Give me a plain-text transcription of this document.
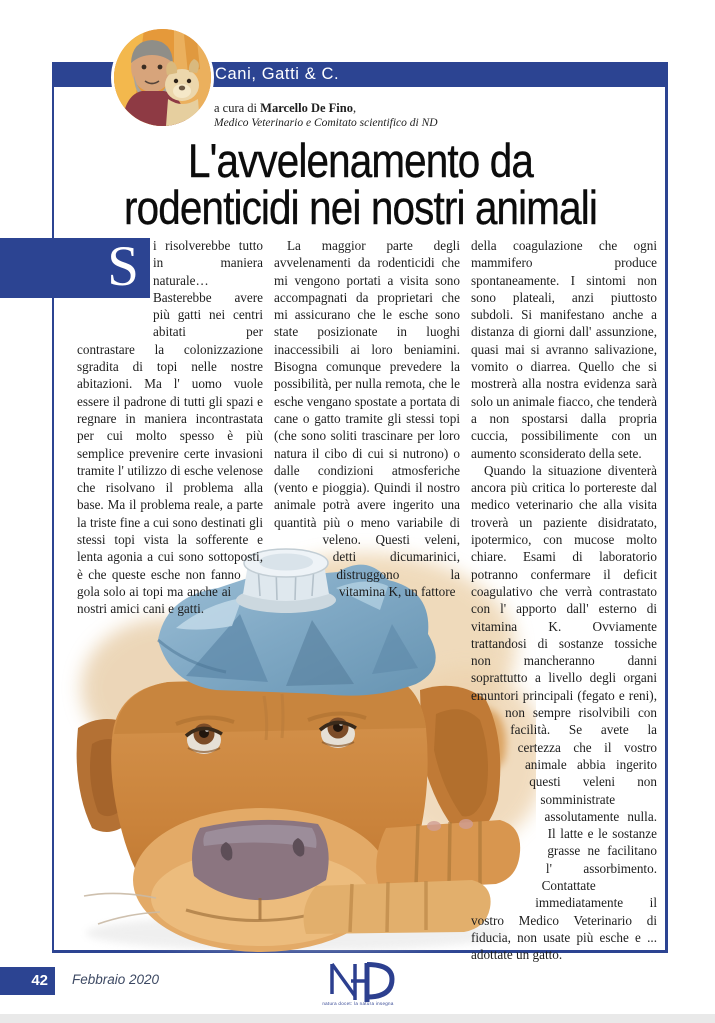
Cani, Gatti & C.
a cura di Marcello De Fino,
Medico Veterinario e Comitato scientifico di ND
L'avvelenamento da
rodenticidi nei nostri animali
S	i risolverebbe tutto in maniera naturale… Basterebbe avere più gatti nei centri abitati per contrastare la colonizzazione sgradita di topi nelle nostre abitazioni. Ma l' uomo vuole essere il padrone di tutti gli spazi e regnare in maniera incontrastata per cui molto spesso è più semplice prevenire certe invasioni tramite l' utilizzo di esche velenose che risolvano il problema alla base. Ma il problema reale, a parte la triste fine a cui sono destinati gli stessi topi vista la sofferente e lenta agonia a cui
sono sottoposti, è che queste esche non fanno gola solo ai topi ma anche ai nostri amici cani e gatti.

La maggior parte degli avvelenamenti da rodenticidi che mi vengono portati a visita sono accompagnati da proprietari che mi assicurano che le esche sono state posizionate in luoghi inaccessibili ai loro beniamini. Bisogna comunque prevedere la possibilità, per nulla remota, che le esche vengano spostate a portata di cane o gatto tramite gli stessi topi (che sono soliti trascinare per loro natura il cibo di cui si nutrono) o dalle condizioni atmosferiche (vento e pioggia). Quindi il nostro animale potrà avere ingerito una quantità più
o meno variabile di veleno. Questi veleni, detti dicumarinici, distruggono la vitamina K, un fattore

della coagulazione che ogni mammifero produce spontaneamente. I sintomi non sono plateali, anzi piuttosto subdoli. Si manifestano anche a distanza di giorni dall' assunzione, quasi mai si avranno salivazione, vomito o diarrea. Quello che si mostrerà alla nostra evidenza sarà solo un animale fiacco, che tenderà a non spostarsi dalla propria cuccia, possibilimente con un aumento sconsiderato della sete.

Quando la situazione diventerà ancora più critica lo portereste dal medico veterinario che alla visita troverà un paziente disidratato, ipotermico, con mucose molto chiare. Esami di laboratorio potranno confermare il deficit coagulativo che verrà contrastato con l' apporto dall' esterno di vitamina K. Ovviamente trattandosi di sostanze tossiche non mancheranno danni soprattutto a livello degli organi emuntori
principali (fegato e reni), non sempre risolvibili con facilità. Se avete la certezza che il vostro animale abbia ingerito questi veleni non somministrate assolutamente nulla. Il latte e le sostanze grasse ne facilitano l' assorbimento. Contattate immediatamente il vostro Medico Veterinario di fiducia, non usate più esche e ... adottate un gatto.

42	Febbraio 2020
natura docet: la natura insegna
